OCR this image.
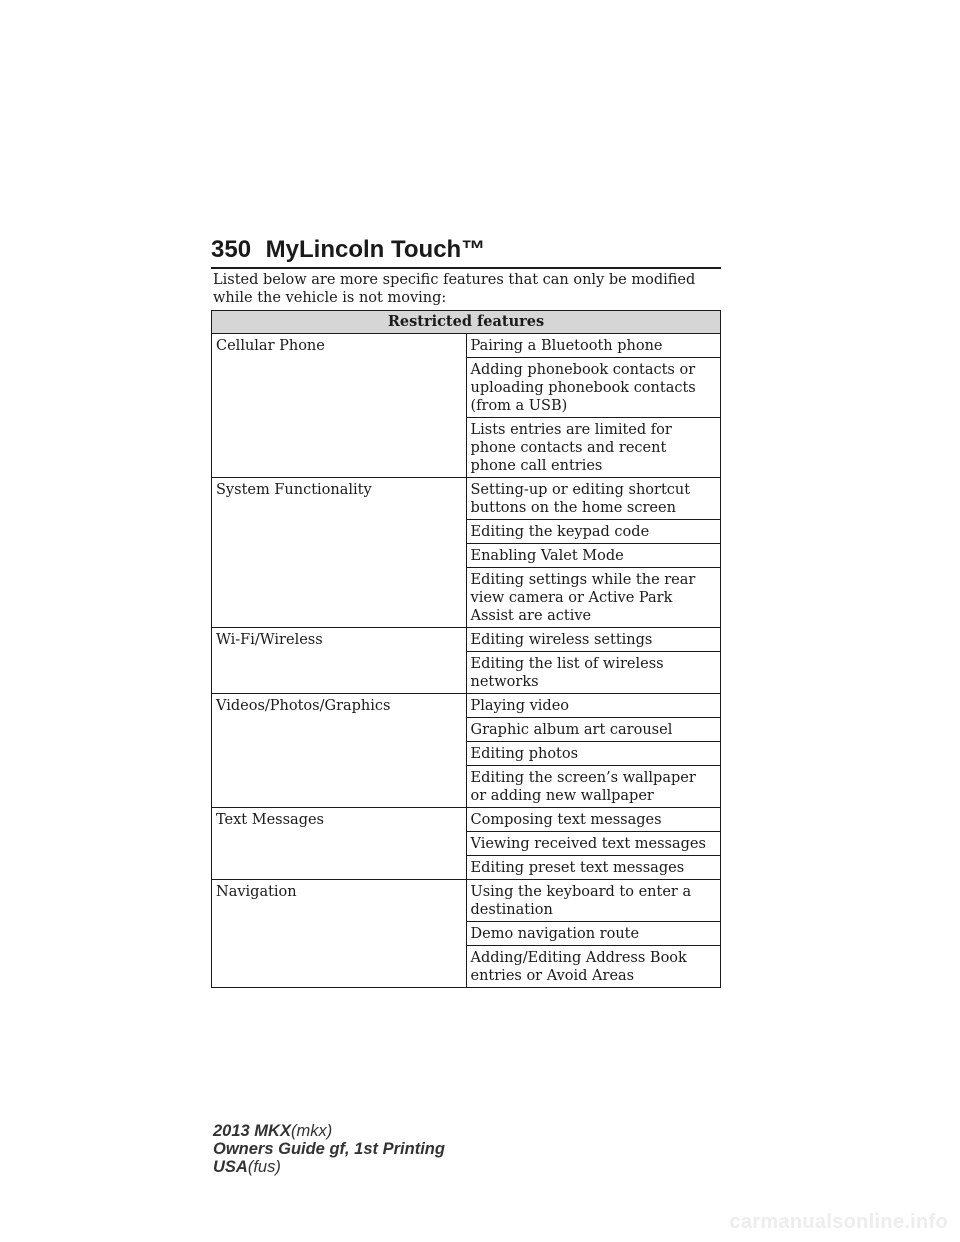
350 MyLincoln Touch™
Listed below are more specific features that can only be modified while the vehicle is not moving:
Restricted features	
Cellular Phone	Pairing a Bluetooth phone
	Adding phonebook contacts or uploading phonebook contacts (from a USB)
	Lists entries are limited for phone contacts and recent phone call entries
System Functionality	Setting-up or editing shortcut buttons on the home screen
	Editing the keypad code
	Enabling Valet Mode
	Editing settings while the rear view camera or Active Park Assist are active
Wi-Fi/Wireless	Editing wireless settings
	Editing the list of wireless networks
Videos/Photos/Graphics	Playing video
	Graphic album art carousel
	Editing photos
	Editing the screen’s wallpaper or adding new wallpaper
Text Messages	Composing text messages
	Viewing received text messages
	Editing preset text messages
Navigation	Using the keyboard to enter a destination
	Demo navigation route
	Adding/Editing Address Book entries or Avoid Areas
2013 MKX(mkx)
Owners Guide gf, 1st Printing
USA(fus)
carmanualsonline.info
